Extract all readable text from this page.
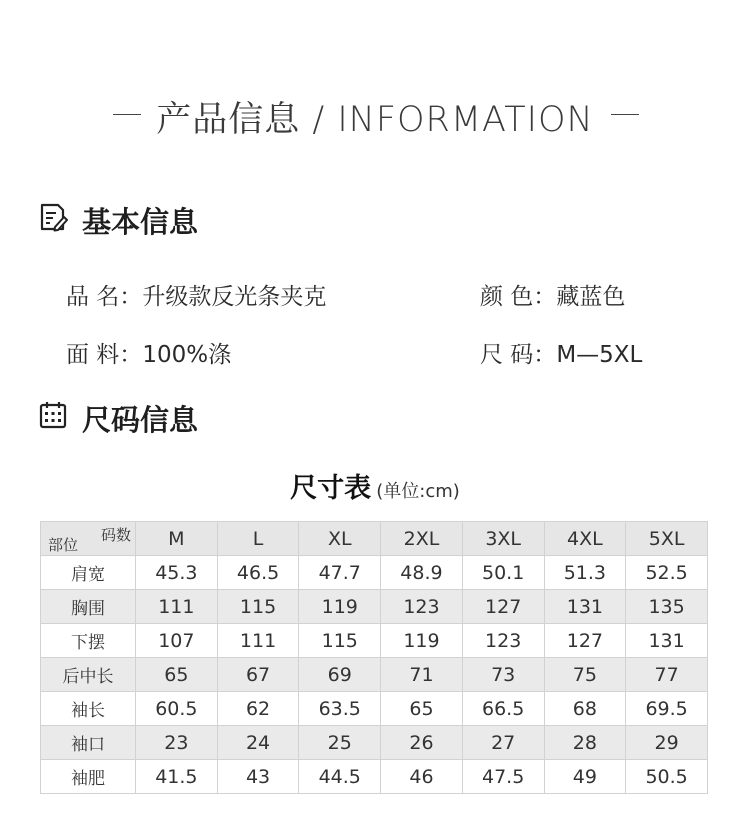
产品信息 / INFORMATION
基本信息
品 名：升级款反光条夹克	颜 色：藏蓝色
面 料：100%涤	尺 码：M—5XL
尺码信息
尺寸表 (单位:cm)
码数
部位	M	L	XL	2XL	3XL	4XL	5XL
肩宽	45.3	46.5	47.7	48.9	50.1	51.3	52.5
胸围	111	115	119	123	127	131	135
下摆	107	111	115	119	123	127	131
后中长	65	67	69	71	73	75	77
袖长	60.5	62	63.5	65	66.5	68	69.5
袖口	23	24	25	26	27	28	29
袖肥	41.5	43	44.5	46	47.5	49	50.5
